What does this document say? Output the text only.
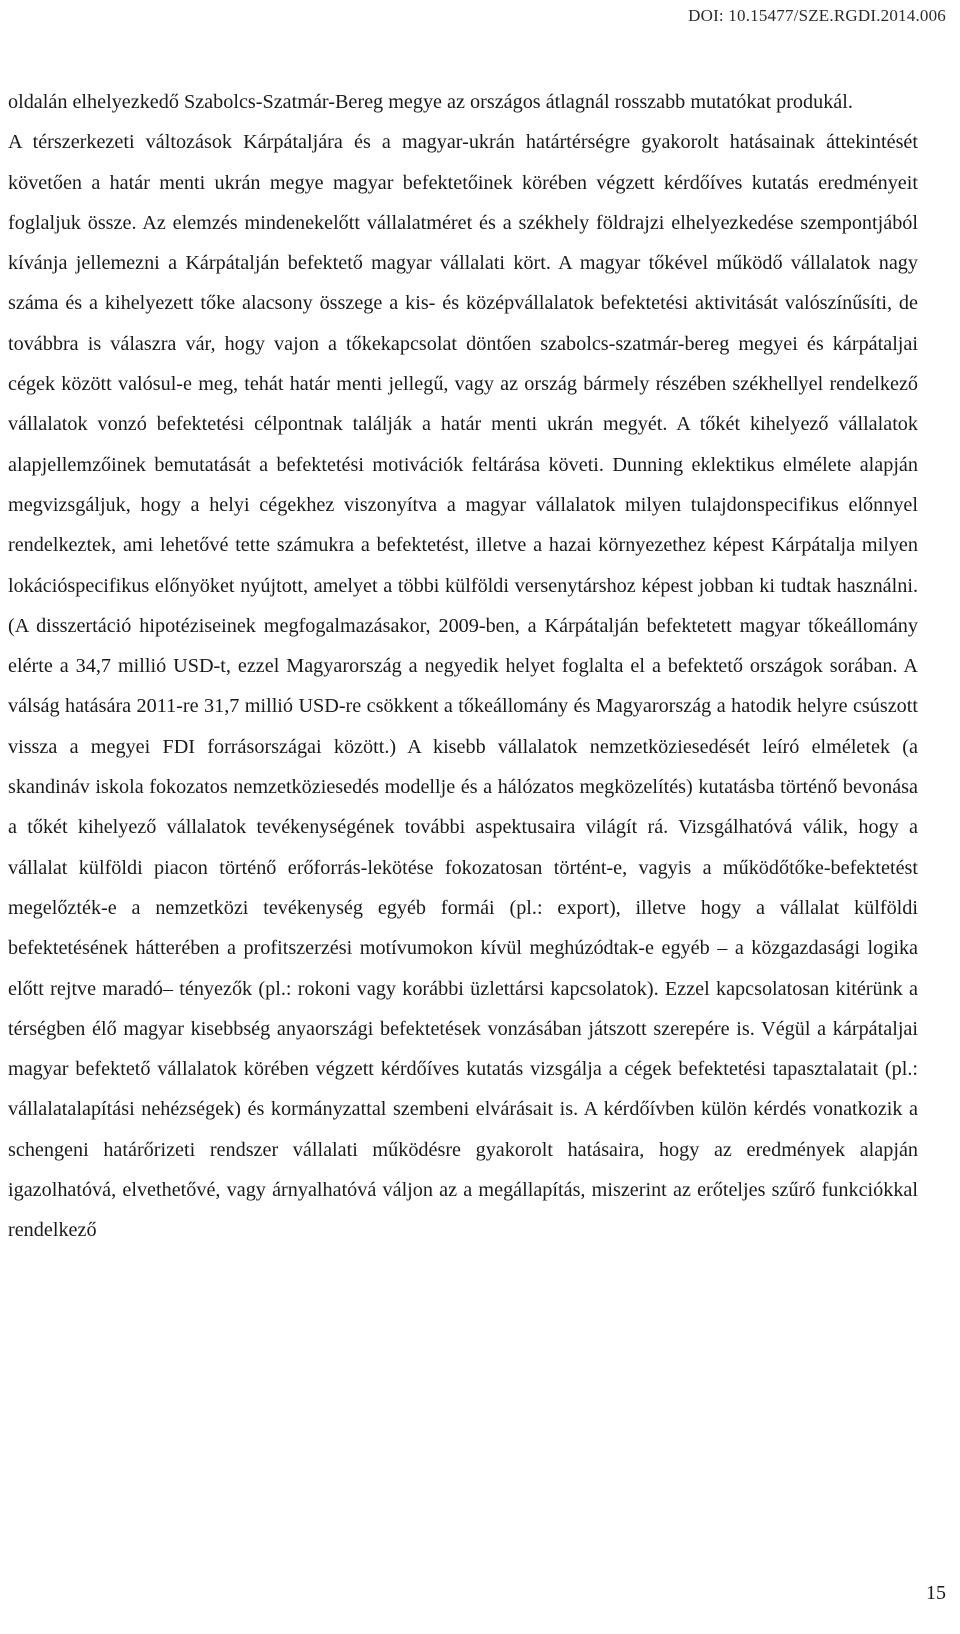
DOI: 10.15477/SZE.RGDI.2014.006

oldalán elhelyezkedő Szabolcs-Szatmár-Bereg megye az országos átlagnál rosszabb mutatókat produkál.
A térszerkezeti változások Kárpátaljára és a magyar-ukrán határtérségre gyakorolt hatásainak áttekintését követően a határ menti ukrán megye magyar befektetőinek körében végzett kérdőíves kutatás eredményeit foglaljuk össze. Az elemzés mindenekelőtt vállalatméret és a székhely földrajzi elhelyezkedése szempontjából kívánja jellemezni a Kárpátalján befektető magyar vállalati kört. A magyar tőkével működő vállalatok nagy száma és a kihelyezett tőke alacsony összege a kis- és középvállalatok befektetési aktivitását valószínűsíti, de továbbra is válaszra vár, hogy vajon a tőkekapcsolat döntően szabolcs-szatmár-bereg megyei és kárpátaljai cégek között valósul-e meg, tehát határ menti jellegű, vagy az ország bármely részében székhellyel rendelkező vállalatok vonzó befektetési célpontnak találják a határ menti ukrán megyét. A tőkét kihelyező vállalatok alapjellemzőinek bemutatását a befektetési motivációk feltárása követi. Dunning eklektikus elmélete alapján megvizsgáljuk, hogy a helyi cégekhez viszonyítva a magyar vállalatok milyen tulajdonspecifikus előnnyel rendelkeztek, ami lehetővé tette számukra a befektetést, illetve a hazai környezethez képest Kárpátalja milyen lokációspecifikus előnyöket nyújtott, amelyet a többi külföldi versenytárshoz képest jobban ki tudtak használni. (A disszertáció hipotéziseinek megfogalmazásakor, 2009-ben, a Kárpátalján befektetett magyar tőkeállomány elérte a 34,7 millió USD-t, ezzel Magyarország a negyedik helyet foglalta el a befektető országok sorában. A válság hatására 2011-re 31,7 millió USD-re csökkent a tőkeállomány és Magyarország a hatodik helyre csúszott vissza a megyei FDI forrásországai között.) A kisebb vállalatok nemzetköziesedését leíró elméletek (a skandináv iskola fokozatos nemzetköziesedés modellje és a hálózatos megközelítés) kutatásba történő bevonása a tőkét kihelyező vállalatok tevékenységének további aspektusaira világít rá. Vizsgálhatóvá válik, hogy a vállalat külföldi piacon történő erőforrás-lekötése fokozatosan történt-e, vagyis a működőtőke-befektetést megelőzték-e a nemzetközi tevékenység egyéb formái (pl.: export), illetve hogy a vállalat külföldi befektetésének hátterében a profitszerzési motívumokon kívül meghúzódtak-e egyéb – a közgazdasági logika előtt rejtve maradó– tényezők (pl.: rokoni vagy korábbi üzlettársi kapcsolatok). Ezzel kapcsolatosan kitérünk a térségben élő magyar kisebbség anyaországi befektetések vonzásában játszott szerepére is. Végül a kárpátaljai magyar befektető vállalatok körében végzett kérdőíves kutatás vizsgálja a cégek befektetési tapasztalatait (pl.: vállalatalapítási nehézségek) és kormányzattal szembeni elvárásait is. A kérdőívben külön kérdés vonatkozik a schengeni határőrizeti rendszer vállalati működésre gyakorolt hatásaira, hogy az eredmények alapján igazolhatóvá, elvethetővé, vagy árnyalhatóvá váljon az a megállapítás, miszerint az erőteljes szűrő funkciókkal rendelkező

15
